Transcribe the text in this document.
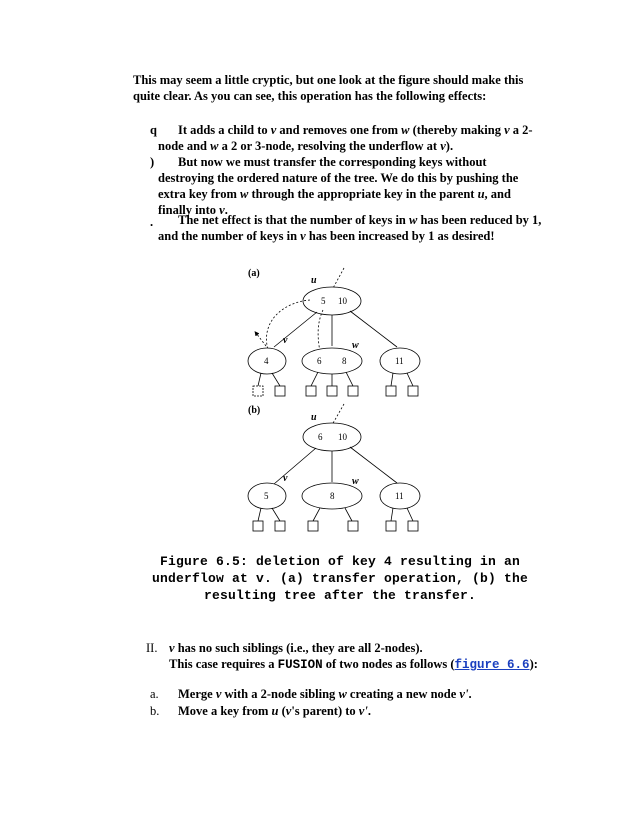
This may seem a little cryptic, but one look at the figure should make this
quite clear. As you can see, this operation has the following effects:
q	It adds a child to v and removes one from w (thereby making v a 2-
node and w a 2 or 3-node, resolving the underflow at v).
)	But now we must transfer the corresponding keys without
destroying the ordered nature of the tree. We do this by pushing the
extra key from w through the appropriate key in the parent u, and
finally into v.
.	The net effect is that the number of keys in w has been reduced by 1,
and the number of keys in v has been increased by 1 as desired!
(a)
u
5 10
v	w
4	6 8	11
(b)
u
6 10
v	w
5	8	11
Figure 6.5: deletion of key 4 resulting in an
underflow at v. (a) transfer operation, (b) the
resulting tree after the transfer.
II. v has no such siblings (i.e., they are all 2-nodes).
This case requires a FUSION of two nodes as follows (figure 6.6):
a. Merge v with a 2-node sibling w creating a new node v'.
b. Move a key from u (v's parent) to v'.
